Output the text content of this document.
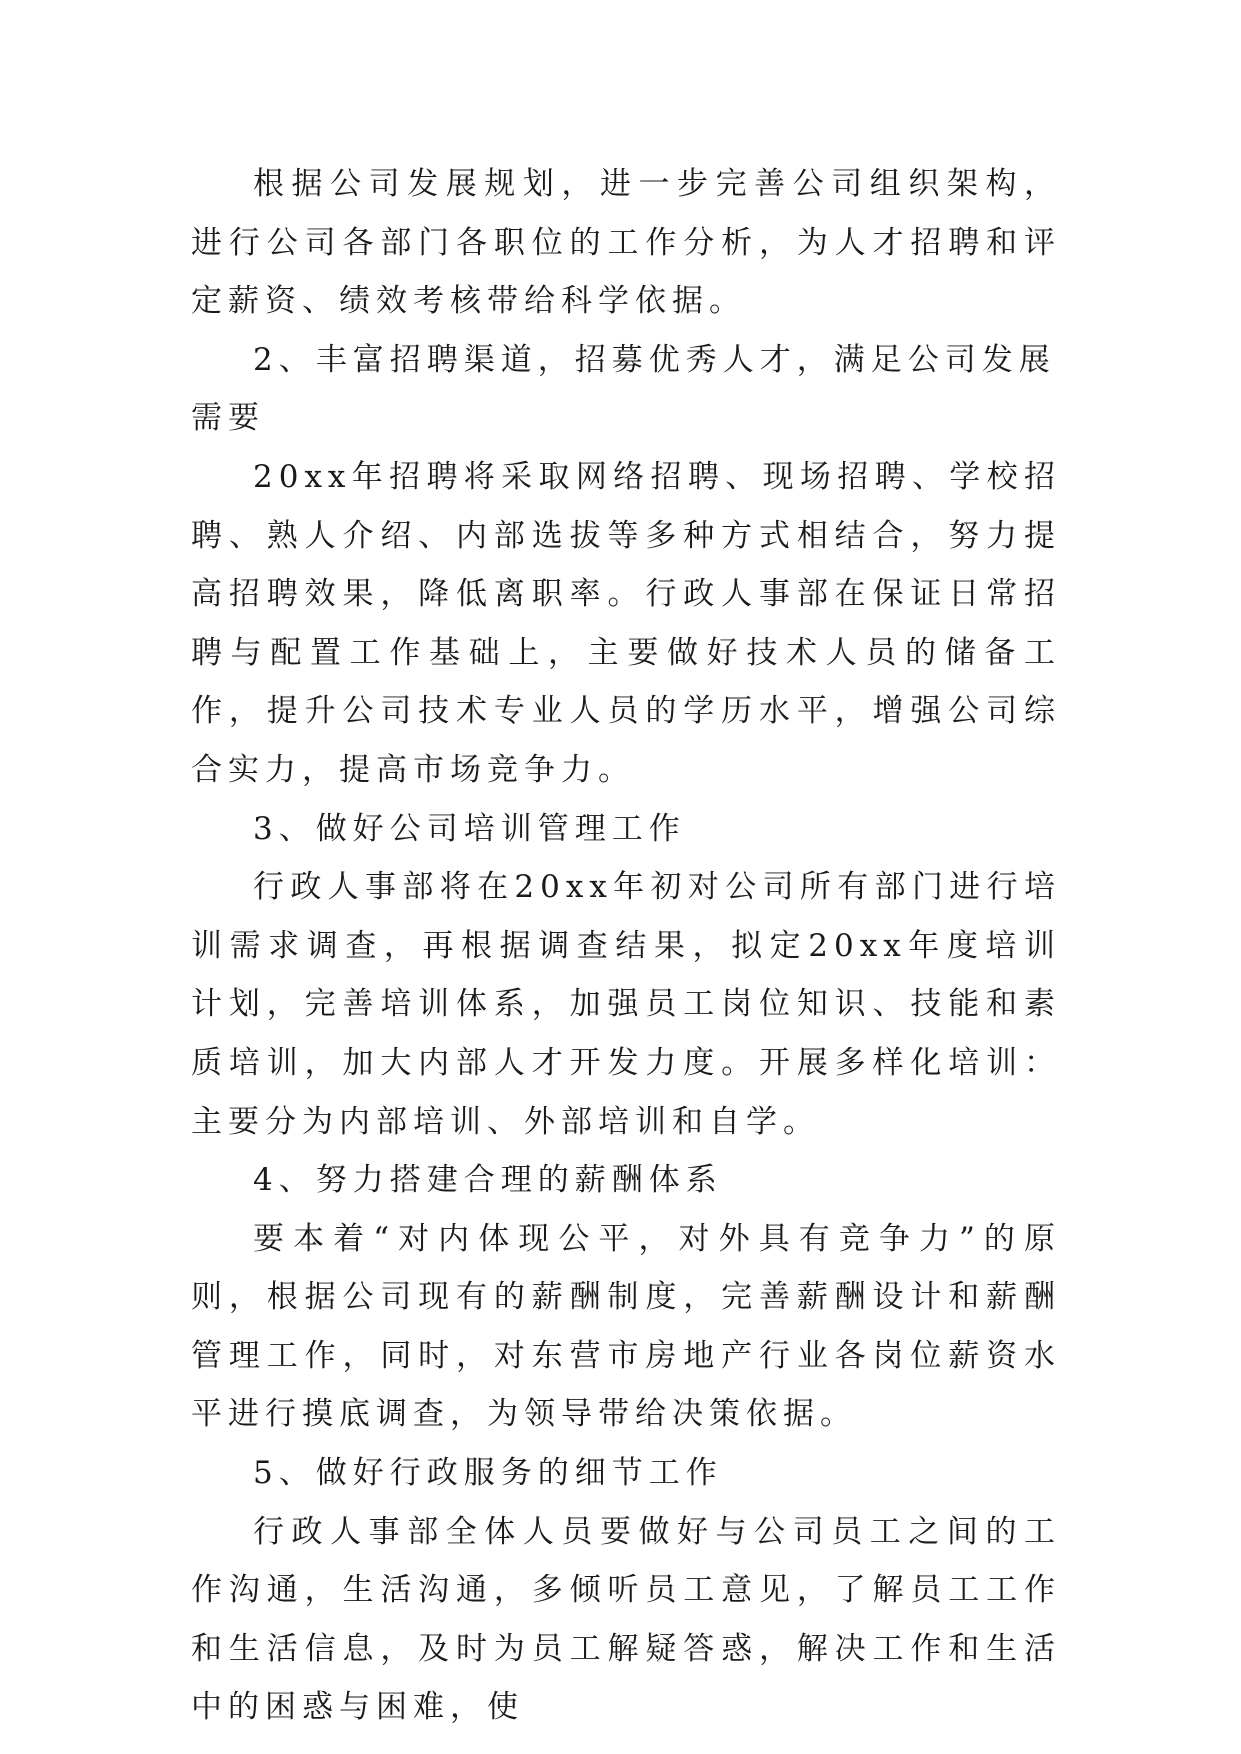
根据公司发展规划，进一步完善公司组织架构，进行公司各部门各职位的工作分析，为人才招聘和评定薪资、绩效考核带给科学依据。

2、丰富招聘渠道，招募优秀人才，满足公司发展需要

20xx年招聘将采取网络招聘、现场招聘、学校招聘、熟人介绍、内部选拔等多种方式相结合，努力提高招聘效果，降低离职率。行政人事部在保证日常招聘与配置工作基础上，主要做好技术人员的储备工作，提升公司技术专业人员的学历水平，增强公司综合实力，提高市场竞争力。

3、做好公司培训管理工作

行政人事部将在20xx年初对公司所有部门进行培训需求调查，再根据调查结果，拟定20xx年度培训计划，完善培训体系，加强员工岗位知识、技能和素质培训，加大内部人才开发力度。开展多样化培训：主要分为内部培训、外部培训和自学。

4、努力搭建合理的薪酬体系

要本着“对内体现公平，对外具有竞争力”的原则，根据公司现有的薪酬制度，完善薪酬设计和薪酬管理工作，同时，对东营市房地产行业各岗位薪资水平进行摸底调查，为领导带给决策依据。

5、做好行政服务的细节工作

行政人事部全体人员要做好与公司员工之间的工作沟通，生活沟通，多倾听员工意见，了解员工工作和生活信息，及时为员工解疑答惑，解决工作和生活中的困惑与困难，使
